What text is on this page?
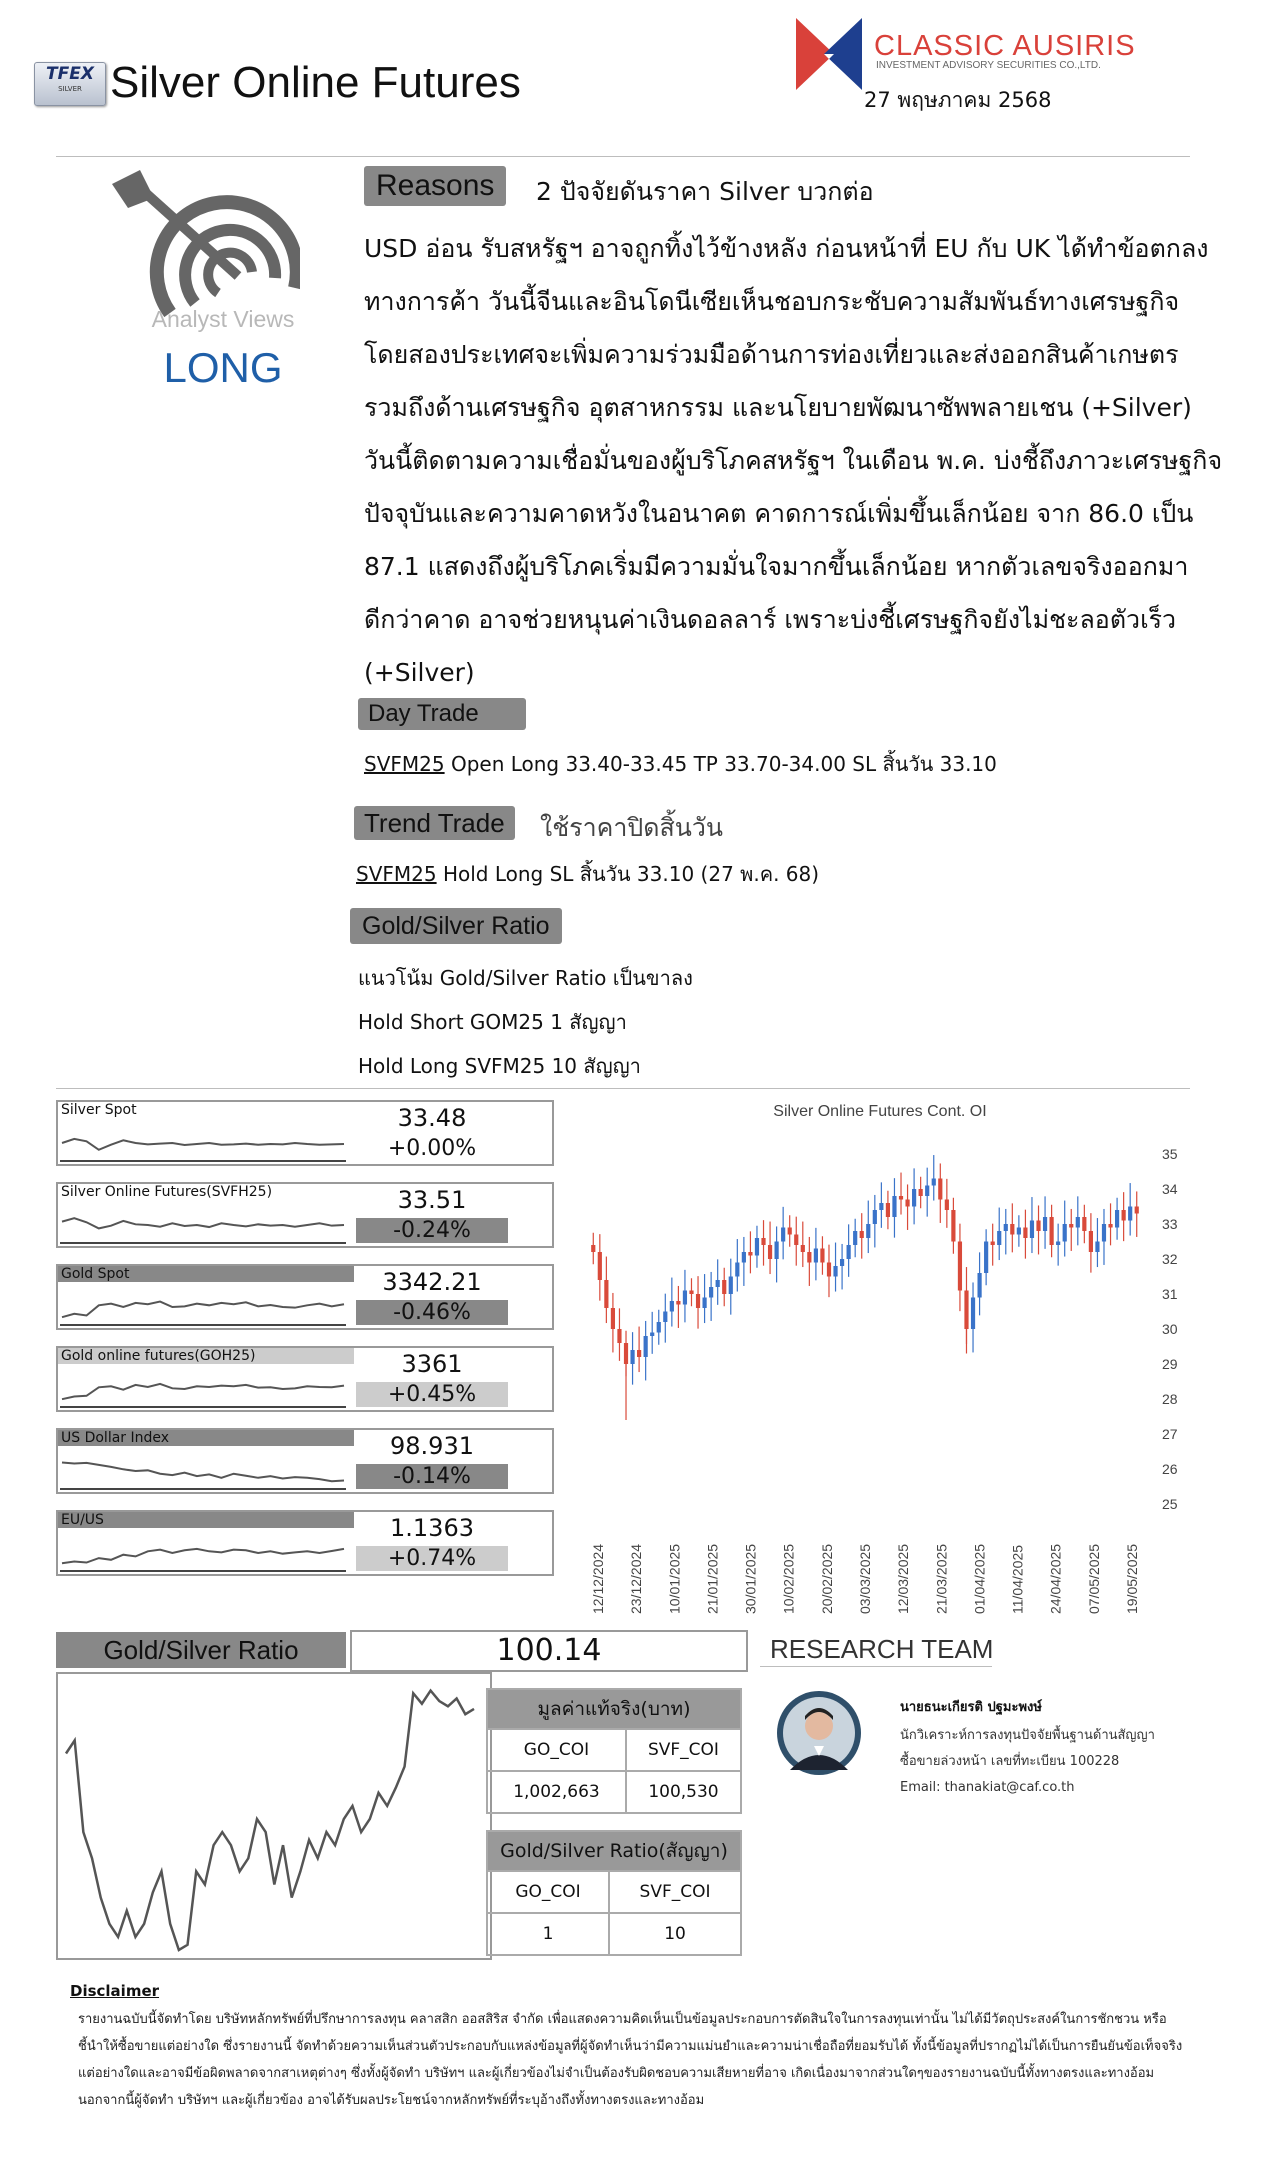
TFEX
SILVER Silver Online Futures
CLASSIC AUSIRIS
INVESTMENT ADVISORY SECURITIES CO.,LTD.
27 พฤษภาคม 2568
Analyst Views
LONG
Reasons	2 ปัจจัยดันราคา Silver บวกต่อ
USD อ่อน รับสหรัฐฯ อาจถูกทิ้งไว้ข้างหลัง ก่อนหน้าที่ EU กับ UK ได้ทำข้อตกลง
ทางการค้า วันนี้จีนและอินโดนีเซียเห็นชอบกระชับความสัมพันธ์ทางเศรษฐกิจ
โดยสองประเทศจะเพิ่มความร่วมมือด้านการท่องเที่ยวและส่งออกสินค้าเกษตร
รวมถึงด้านเศรษฐกิจ อุตสาหกรรม และนโยบายพัฒนาซัพพลายเชน (+Silver)
วันนี้ติดตามความเชื่อมั่นของผู้บริโภคสหรัฐฯ ในเดือน พ.ค. บ่งชี้ถึงภาวะเศรษฐกิจ
ปัจจุบันและความคาดหวังในอนาคต คาดการณ์เพิ่มขึ้นเล็กน้อย จาก 86.0 เป็น
87.1 แสดงถึงผู้บริโภคเริ่มมีความมั่นใจมากขึ้นเล็กน้อย หากตัวเลขจริงออกมา
ดีกว่าคาด อาจช่วยหนุนค่าเงินดอลลาร์ เพราะบ่งชี้เศรษฐกิจยังไม่ชะลอตัวเร็ว
(+Silver)
Day Trade
SVFM25 Open Long 33.40-33.45 TP 33.70-34.00 SL สิ้นวัน 33.10
Trend Trade	ใช้ราคาปิดสิ้นวัน
SVFM25 Hold Long SL สิ้นวัน 33.10 (27 พ.ค. 68)
Gold/Silver Ratio
แนวโน้ม Gold/Silver Ratio เป็นขาลง
Hold Short GOM25 1 สัญญา
Hold Long SVFM25 10 สัญญา
Silver Spot	33.48
+0.00%
Silver Online Futures(SVFH25)	33.51
-0.24%
Gold Spot	3342.21
-0.46%
Gold online futures(GOH25)	3361
+0.45%
US Dollar Index	98.931
-0.14%
EU/US	1.1363
+0.74%
Silver Online Futures Cont. OI
25
26
27
28
29
30
31
32
33
34
35
12/12/2024 23/12/2024 10/01/2025 21/01/2025 30/01/2025 10/02/2025 20/02/2025 03/03/2025 12/03/2025 21/03/2025 01/04/2025 11/04/2025 24/04/2025 07/05/2025 19/05/2025
Gold/Silver Ratio	100.14
มูลค่าแท้จริง(บาท)	
GO_COI	SVF_COI
1,002,663	100,530
Gold/Silver Ratio(สัญญา)	
GO_COI	SVF_COI
1	10
RESEARCH TEAM
นายธนะเกียรติ ปฐมะพงษ์
นักวิเคราะห์การลงทุนปัจจัยพื้นฐานด้านสัญญา
ซื้อขายล่วงหน้า เลขที่ทะเบียน 100228
Email: thanakiat@caf.co.th
Disclaimer
รายงานฉบับนี้จัดทำโดย บริษัทหลักทรัพย์ที่ปรึกษาการลงทุน คลาสสิก ออสสิริส จำกัด เพื่อแสดงความคิดเห็นเป็นข้อมูลประกอบการตัดสินใจในการลงทุนเท่านั้น ไม่ได้มีวัตถุประสงค์ในการชักชวน หรือ
ชี้นำให้ซื้อขายแต่อย่างใด ซึ่งรายงานนี้ จัดทำด้วยความเห็นส่วนตัวประกอบกับแหล่งข้อมูลที่ผู้จัดทำเห็นว่ามีความแม่นยำและความน่าเชื่อถือที่ยอมรับได้ ทั้งนี้ข้อมูลที่ปรากฏไม่ได้เป็นการยืนยันข้อเท็จจริง
แต่อย่างใดและอาจมีข้อผิดพลาดจากสาเหตุต่างๆ ซึ่งทั้งผู้จัดทำ บริษัทฯ และผู้เกี่ยวข้องไม่จำเป็นต้องรับผิดชอบความเสียหายที่อาจ เกิดเนื่องมาจากส่วนใดๆของรายงานฉบับนี้ทั้งทางตรงและทางอ้อม
นอกจากนี้ผู้จัดทำ บริษัทฯ และผู้เกี่ยวข้อง อาจได้รับผลประโยชน์จากหลักทรัพย์ที่ระบุอ้างถึงทั้งทางตรงและทางอ้อม
